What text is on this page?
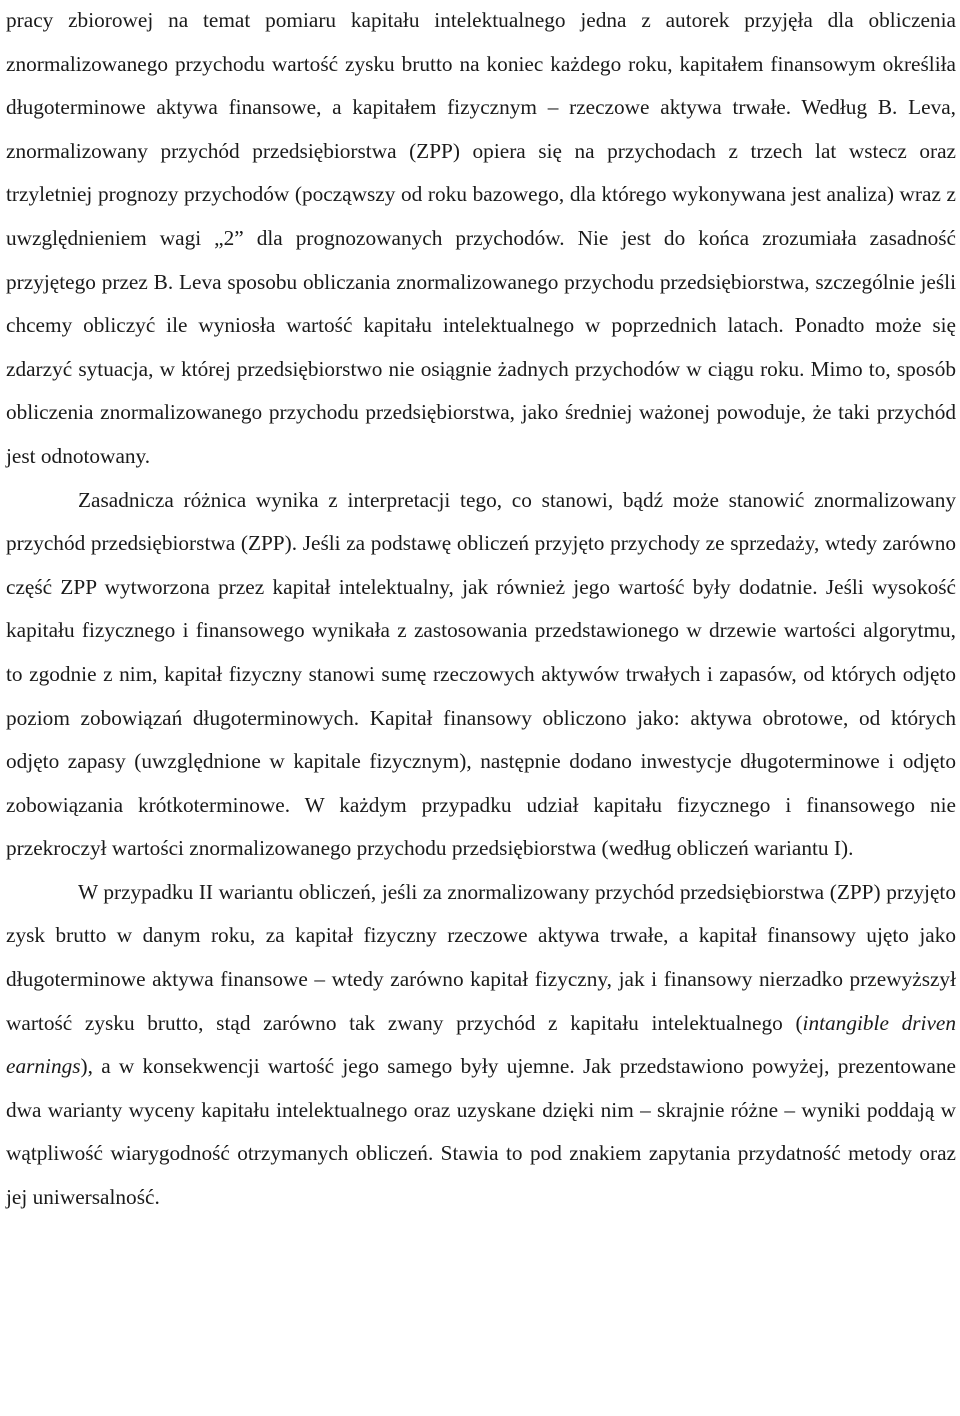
pracy zbiorowej na temat pomiaru kapitału intelektualnego jedna z autorek przyjęła dla obliczenia znormalizowanego przychodu wartość zysku brutto na koniec każdego roku, kapitałem finansowym określiła długoterminowe aktywa finansowe, a kapitałem fizycznym – rzeczowe aktywa trwałe. Według B. Leva, znormalizowany przychód przedsiębiorstwa (ZPP) opiera się na przychodach z trzech lat wstecz oraz trzyletniej prognozy przychodów (począwszy od roku bazowego, dla którego wykonywana jest analiza) wraz z uwzględnieniem wagi „2” dla prognozowanych przychodów. Nie jest do końca zrozumiała zasadność przyjętego przez B. Leva sposobu obliczania znormalizowanego przychodu przedsiębiorstwa, szczególnie jeśli chcemy obliczyć ile wyniosła wartość kapitału intelektualnego w poprzednich latach. Ponadto może się zdarzyć sytuacja, w której przedsiębiorstwo nie osiągnie żadnych przychodów w ciągu roku. Mimo to, sposób obliczenia znormalizowanego przychodu przedsiębiorstwa, jako średniej ważonej powoduje, że taki przychód jest odnotowany.

Zasadnicza różnica wynika z interpretacji tego, co stanowi, bądź może stanowić znormalizowany przychód przedsiębiorstwa (ZPP). Jeśli za podstawę obliczeń przyjęto przychody ze sprzedaży, wtedy zarówno część ZPP wytworzona przez kapitał intelektualny, jak również jego wartość były dodatnie. Jeśli wysokość kapitału fizycznego i finansowego wynikała z zastosowania przedstawionego w drzewie wartości algorytmu, to zgodnie z nim, kapitał fizyczny stanowi sumę rzeczowych aktywów trwałych i zapasów, od których odjęto poziom zobowiązań długoterminowych. Kapitał finansowy obliczono jako: aktywa obrotowe, od których odjęto zapasy (uwzględnione w kapitale fizycznym), następnie dodano inwestycje długoterminowe i odjęto zobowiązania krótkoterminowe. W każdym przypadku udział kapitału fizycznego i finansowego nie przekroczył wartości znormalizowanego przychodu przedsiębiorstwa (według obliczeń wariantu I).

W przypadku II wariantu obliczeń, jeśli za znormalizowany przychód przedsiębiorstwa (ZPP) przyjęto zysk brutto w danym roku, za kapitał fizyczny rzeczowe aktywa trwałe, a kapitał finansowy ujęto jako długoterminowe aktywa finansowe – wtedy zarówno kapitał fizyczny, jak i finansowy nierzadko przewyższył wartość zysku brutto, stąd zarówno tak zwany przychód z kapitału intelektualnego (intangible driven earnings), a w konsekwencji wartość jego samego były ujemne. Jak przedstawiono powyżej, prezentowane dwa warianty wyceny kapitału intelektualnego oraz uzyskane dzięki nim – skrajnie różne – wyniki poddają w wątpliwość wiarygodność otrzymanych obliczeń. Stawia to pod znakiem zapytania przydatność metody oraz jej uniwersalność.
